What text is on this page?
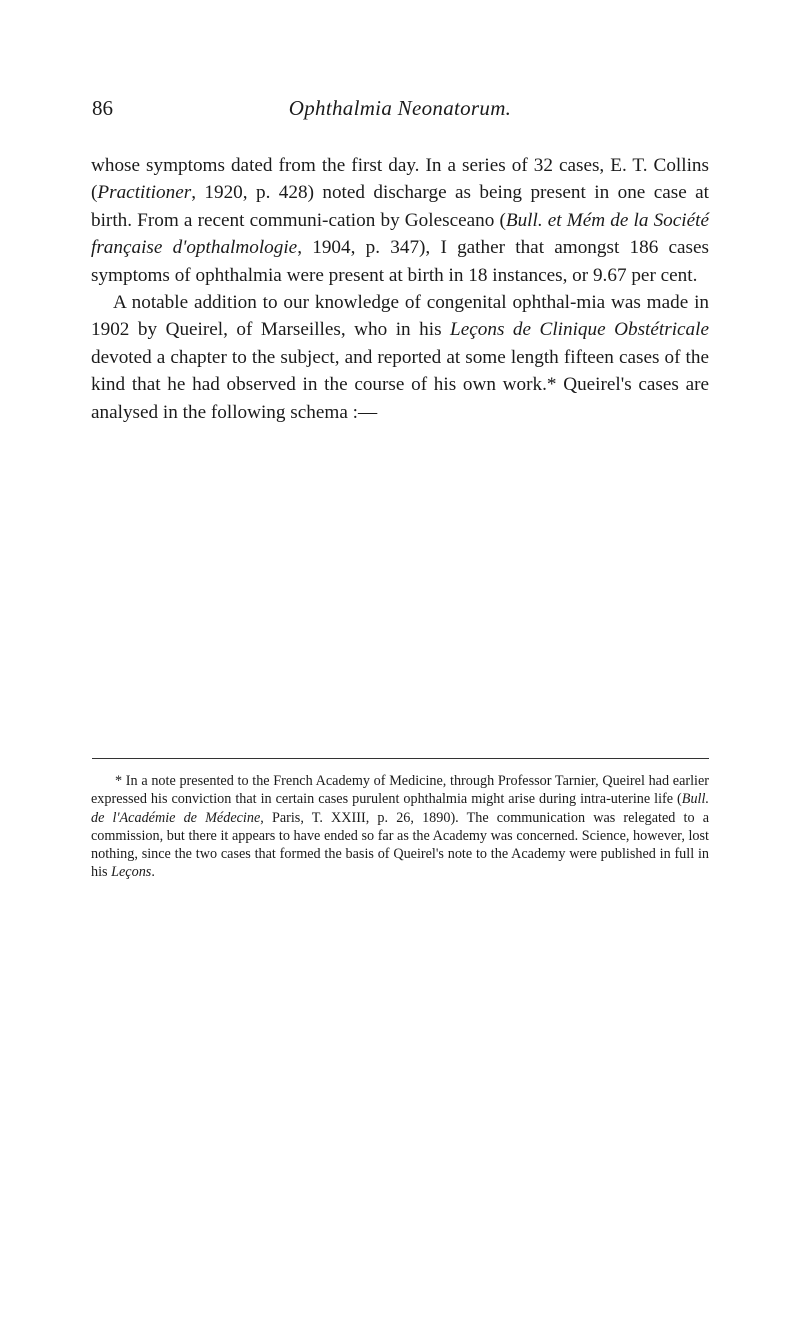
86	Ophthalmia Neonatorum.

whose symptoms dated from the first day. In a series of 32 cases, E. T. Collins (Practitioner, 1920, p. 428) noted discharge as being present in one case at birth. From a recent communi-cation by Golesceano (Bull. et Mém de la Société française d'opthalmologie, 1904, p. 347), I gather that amongst 186 cases symptoms of ophthalmia were present at birth in 18 instances, or 9.67 per cent.

A notable addition to our knowledge of congenital ophthal-mia was made in 1902 by Queirel, of Marseilles, who in his Leçons de Clinique Obstétricale devoted a chapter to the subject, and reported at some length fifteen cases of the kind that he had observed in the course of his own work.* Queirel's cases are analysed in the following schema :—

* In a note presented to the French Academy of Medicine, through Professor Tarnier, Queirel had earlier expressed his conviction that in certain cases purulent ophthalmia might arise during intra-uterine life (Bull. de l'Académie de Médecine, Paris, T. XXIII, p. 26, 1890). The communication was relegated to a commission, but there it appears to have ended so far as the Academy was concerned. Science, however, lost nothing, since the two cases that formed the basis of Queirel's note to the Academy were published in full in his Leçons.
